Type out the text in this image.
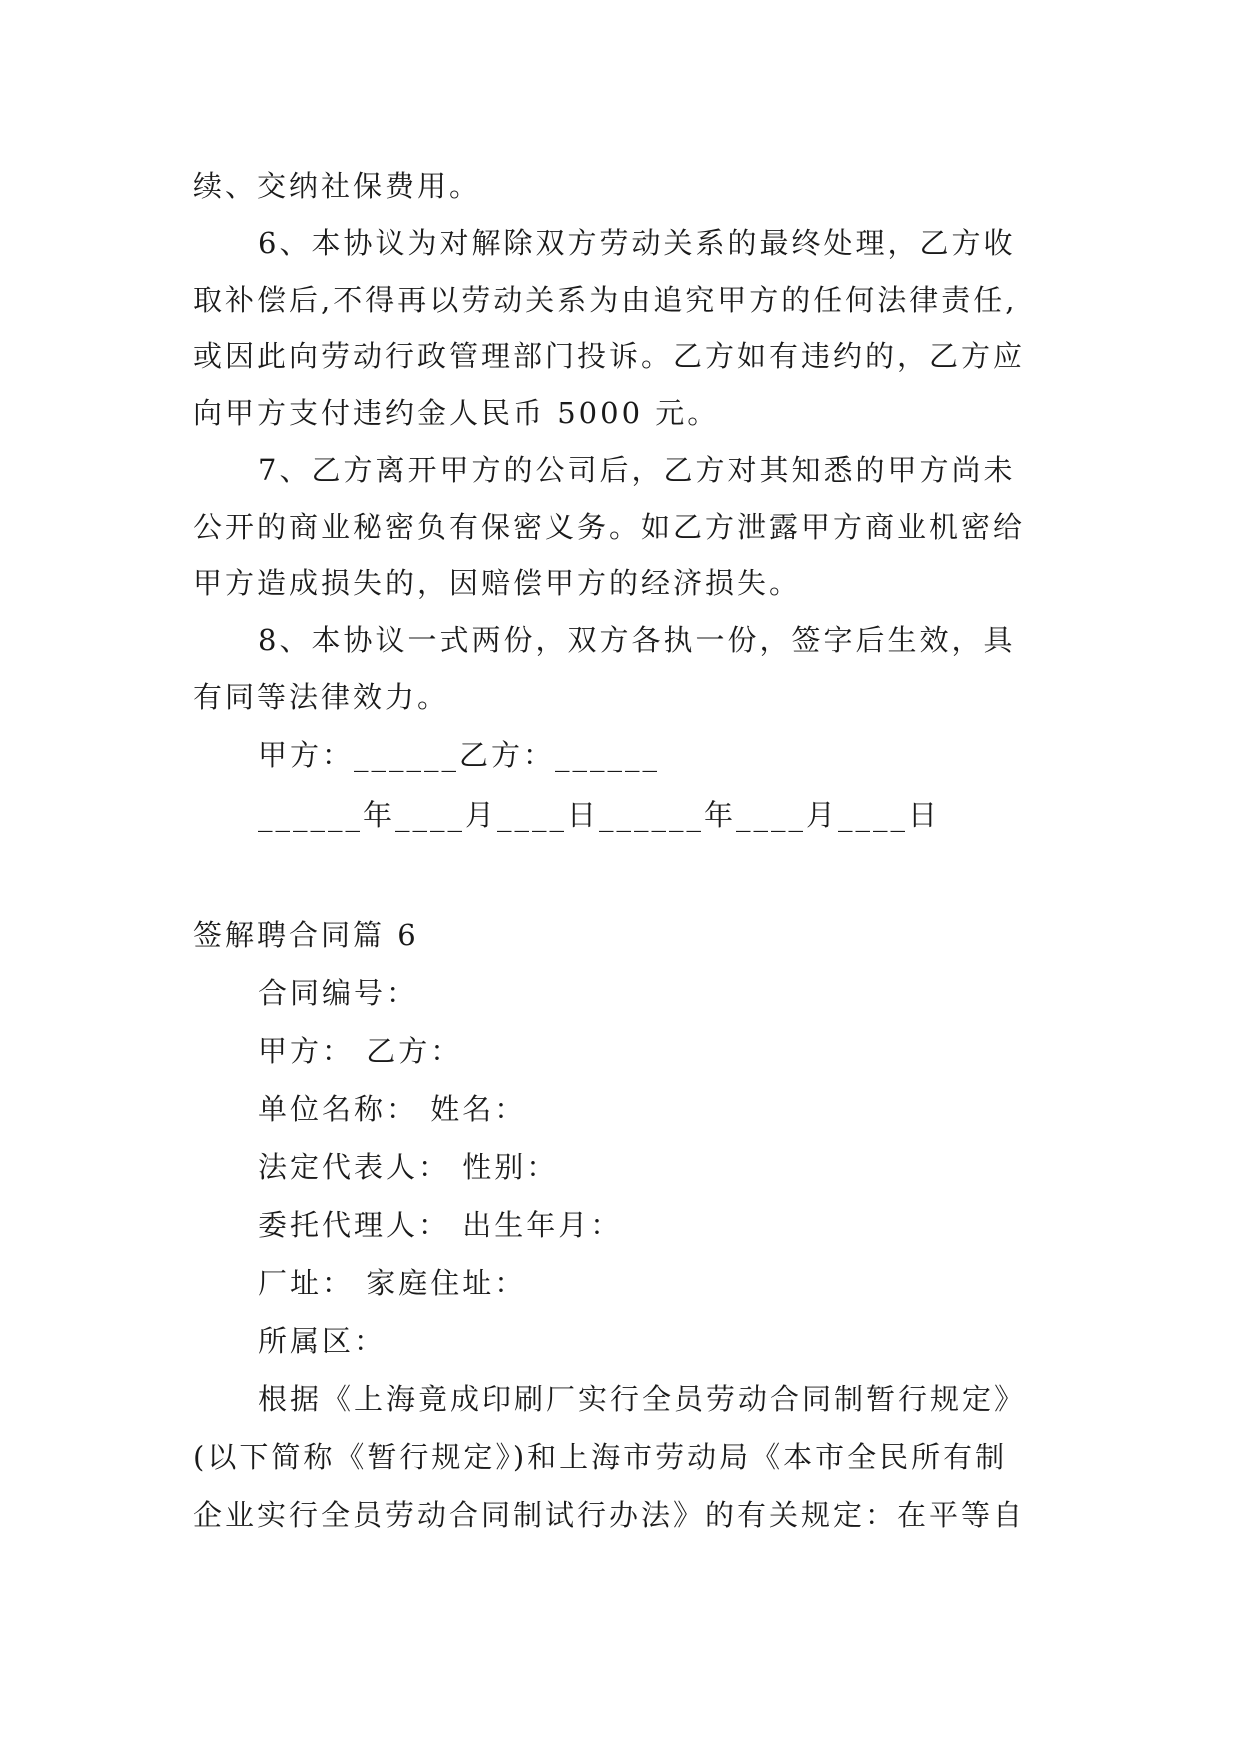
续、交纳社保费用。
6、本协议为对解除双方劳动关系的最终处理，乙方收
取补偿后,不得再以劳动关系为由追究甲方的任何法律责任,
或因此向劳动行政管理部门投诉。乙方如有违约的，乙方应
向甲方支付违约金人民币 5000 元。
7、乙方离开甲方的公司后，乙方对其知悉的甲方尚未
公开的商业秘密负有保密义务。如乙方泄露甲方商业机密给
甲方造成损失的，因赔偿甲方的经济损失。
8、本协议一式两份，双方各执一份，签字后生效，具
有同等法律效力。
甲方：______乙方：______
______年____月____日______年____月____日
签解聘合同篇 6
合同编号：
甲方： 乙方：
单位名称： 姓名：
法定代表人： 性别：
委托代理人： 出生年月：
厂址： 家庭住址：
所属区：
根据《上海竟成印刷厂实行全员劳动合同制暂行规定》
(以下简称《暂行规定》)和上海市劳动局《本市全民所有制
企业实行全员劳动合同制试行办法》的有关规定：在平等自
